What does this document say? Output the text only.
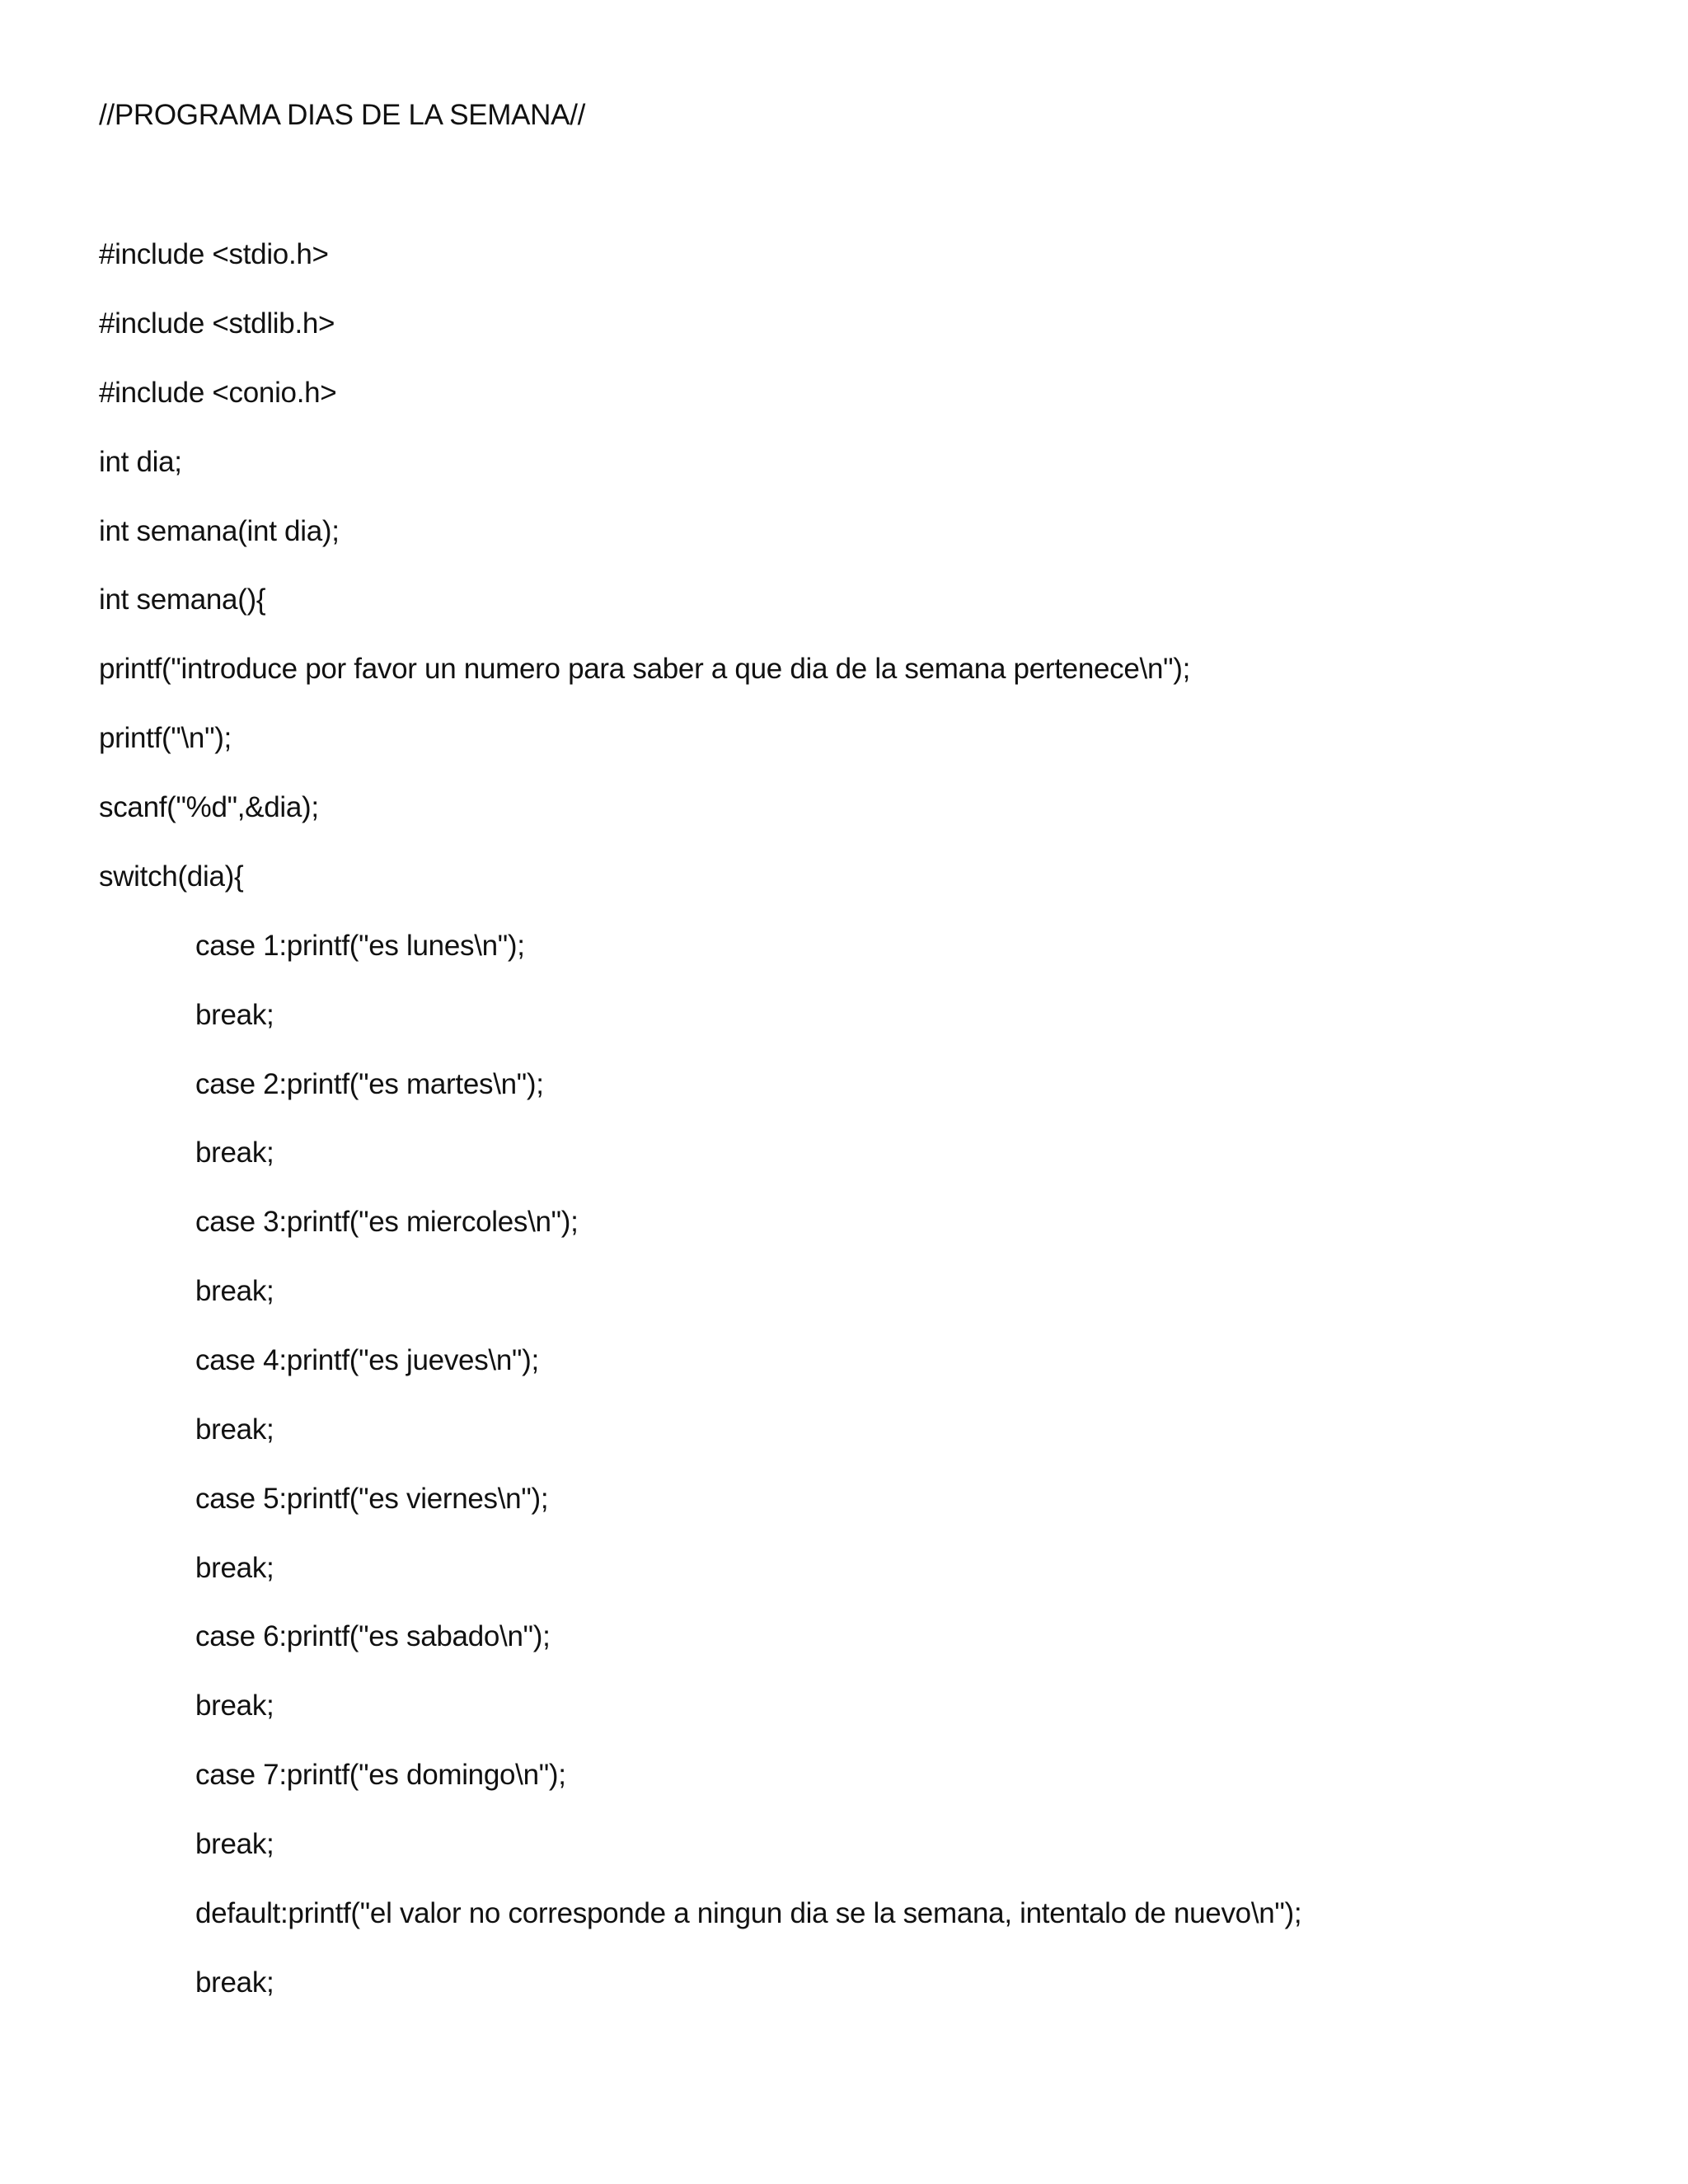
//PROGRAMA DIAS DE LA SEMANA//
#include <stdio.h>
#include <stdlib.h>
#include <conio.h>
int dia;
int semana(int dia);
int semana(){
printf("introduce por favor un numero para saber a que dia de la semana pertenece\n");
printf("\n");
scanf("%d",&dia);
switch(dia){
case 1:printf("es lunes\n");
break;
case 2:printf("es martes\n");
break;
case 3:printf("es miercoles\n");
break;
case 4:printf("es jueves\n");
break;
case 5:printf("es viernes\n");
break;
case 6:printf("es sabado\n");
break;
case 7:printf("es domingo\n");
break;
default:printf("el valor no corresponde a ningun dia se la semana, intentalo de nuevo\n");
break;
